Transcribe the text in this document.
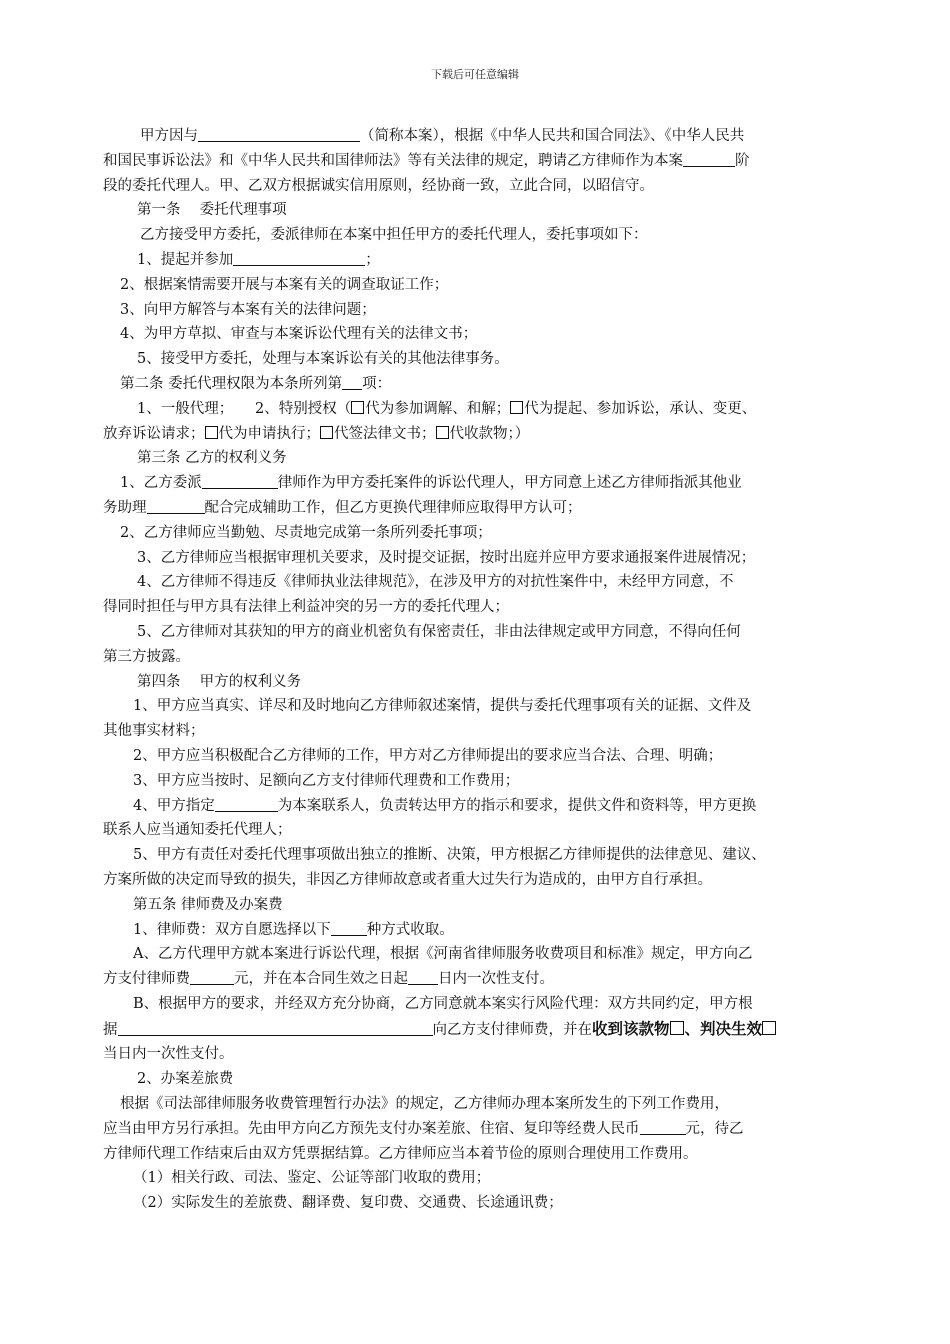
下载后可任意编辑

甲方因与	（简称本案），根据《中华人民共和国合同法》、《中华人民共

和国民事诉讼法》和《中华人民共和国律师法》等有关法律的规定，聘请乙方律师作为本案	阶

段的委托代理人。甲、乙双方根据诚实信用原则，经协商一致，立此合同，以昭信守。

第一条　 委托代理事项

乙方接受甲方委托，委派律师在本案中担任甲方的委托代理人，委托事项如下：

1、提起并参加	；

2、根据案情需要开展与本案有关的调查取证工作；

3、向甲方解答与本案有关的法律问题；

4、为甲方草拟、审查与本案诉讼代理有关的法律文书；

5、接受甲方委托，处理与本案诉讼有关的其他法律事务。

第二条 委托代理权限为本条所列第 项：

1、一般代理；　　2、特别授权（ 代为参加调解、和解； 代为提起、参加诉讼，承认、变更、

放弃诉讼请求； 代为申请执行； 代签法律文书； 代收款物；）

第三条 乙方的权利义务

1、乙方委派	律师作为甲方委托案件的诉讼代理人，甲方同意上述乙方律师指派其他业

务助理	配合完成辅助工作，但乙方更换代理律师应取得甲方认可；

2、乙方律师应当勤勉、尽责地完成第一条所列委托事项；

3、乙方律师应当根据审理机关要求，及时提交证据，按时出庭并应甲方要求通报案件进展情况；

4、乙方律师不得违反《律师执业法律规范》，在涉及甲方的对抗性案件中，未经甲方同意，不

得同时担任与甲方具有法律上利益冲突的另一方的委托代理人；

5、乙方律师对其获知的甲方的商业机密负有保密责任，非由法律规定或甲方同意，不得向任何

第三方披露。

第四条　 甲方的权利义务

1、甲方应当真实、详尽和及时地向乙方律师叙述案情，提供与委托代理事项有关的证据、文件及

其他事实材料；

2、甲方应当积极配合乙方律师的工作，甲方对乙方律师提出的要求应当合法、合理、明确；

3、甲方应当按时、足额向乙方支付律师代理费和工作费用；

4、甲方指定	为本案联系人，负责转达甲方的指示和要求，提供文件和资料等，甲方更换

联系人应当通知委托代理人；

5、甲方有责任对委托代理事项做出独立的推断、决策，甲方根据乙方律师提供的法律意见、建议、

方案所做的决定而导致的损失，非因乙方律师故意或者重大过失行为造成的，由甲方自行承担。

第五条 律师费及办案费

1、律师费：双方自愿选择以下 种方式收取。

A、乙方代理甲方就本案进行诉讼代理，根据《河南省律师服务收费项目和标准》规定，甲方向乙

方支付律师费	元，并在本合同生效之日起 日内一次性支付。

B、根据甲方的要求，并经双方充分协商，乙方同意就本案实行风险代理：双方共同约定，甲方根

据	向乙方支付律师费，并在收到该款物 、判决生效

当日内一次性支付。

2、办案差旅费

根据《司法部律师服务收费管理暂行办法》的规定，乙方律师办理本案所发生的下列工作费用，

应当由甲方另行承担。先由甲方向乙方预先支付办案差旅、住宿、复印等经费人民币	元，待乙

方律师代理工作结束后由双方凭票据结算。乙方律师应当本着节俭的原则合理使用工作费用。

（1）相关行政、司法、鉴定、公证等部门收取的费用；

（2）实际发生的差旅费、翻译费、复印费、交通费、长途通讯费；
